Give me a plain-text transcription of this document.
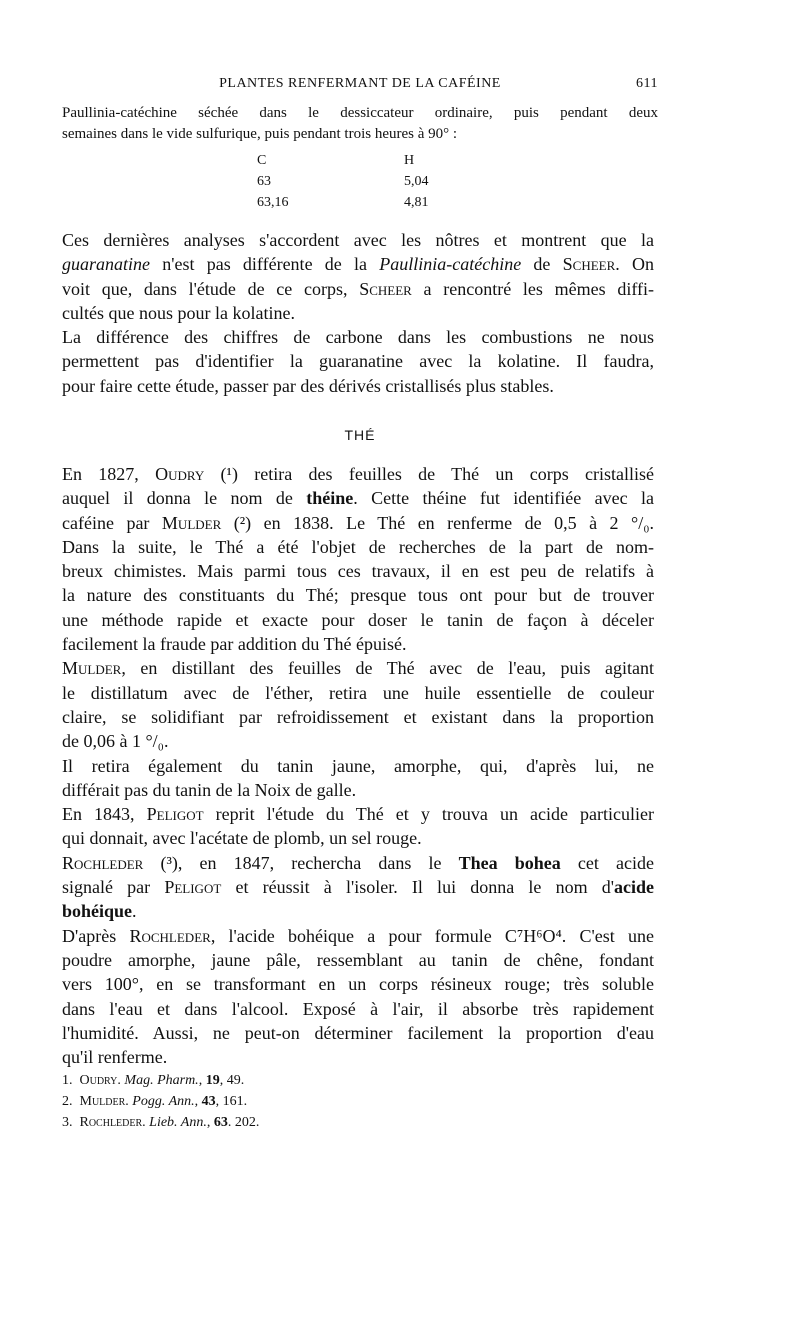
PLANTES RENFERMANT DE LA CAFÉINE	611
Paullinia-catéchine séchée dans le dessiccateur ordinaire, puis pendant deux
semaines dans le vide sulfurique, puis pendant trois heures à 90° :
C	H
63	5,04
63,16	4,81
Ces dernières analyses s'accordent avec les nôtres et montrent que la
guaranatine n'est pas différente de la Paullinia-catéchine de Scheer. On
voit que, dans l'étude de ce corps, Scheer a rencontré les mêmes diffi-
cultés que nous pour la kolatine.
La différence des chiffres de carbone dans les combustions ne nous
permettent pas d'identifier la guaranatine avec la kolatine. Il faudra,
pour faire cette étude, passer par des dérivés cristallisés plus stables.
THÉ
En 1827, Oudry (¹) retira des feuilles de Thé un corps cristallisé
auquel il donna le nom de théine. Cette théine fut identifiée avec la
caféine par Mulder (²) en 1838. Le Thé en renferme de 0,5 à 2 °/₀.
Dans la suite, le Thé a été l'objet de recherches de la part de nom-
breux chimistes. Mais parmi tous ces travaux, il en est peu de relatifs à
la nature des constituants du Thé; presque tous ont pour but de trouver
une méthode rapide et exacte pour doser le tanin de façon à déceler
facilement la fraude par addition du Thé épuisé.
Mulder, en distillant des feuilles de Thé avec de l'eau, puis agitant
le distillatum avec de l'éther, retira une huile essentielle de couleur
claire, se solidifiant par refroidissement et existant dans la proportion
de 0,06 à 1 °/₀.
Il retira également du tanin jaune, amorphe, qui, d'après lui, ne
différait pas du tanin de la Noix de galle.
En 1843, Peligot reprit l'étude du Thé et y trouva un acide particulier
qui donnait, avec l'acétate de plomb, un sel rouge.
Rochleder (³), en 1847, rechercha dans le Thea bohea cet acide
signalé par Peligot et réussit à l'isoler. Il lui donna le nom d'acide
bohéique.
D'après Rochleder, l'acide bohéique a pour formule C⁷H⁶O⁴. C'est une
poudre amorphe, jaune pâle, ressemblant au tanin de chêne, fondant
vers 100°, en se transformant en un corps résineux rouge; très soluble
dans l'eau et dans l'alcool. Exposé à l'air, il absorbe très rapidement
l'humidité. Aussi, ne peut-on déterminer facilement la proportion d'eau
qu'il renferme.
1. Oudry. Mag. Pharm., 19, 49.
2. Mulder. Pogg. Ann., 43, 161.
3. Rochleder. Lieb. Ann., 63. 202.
